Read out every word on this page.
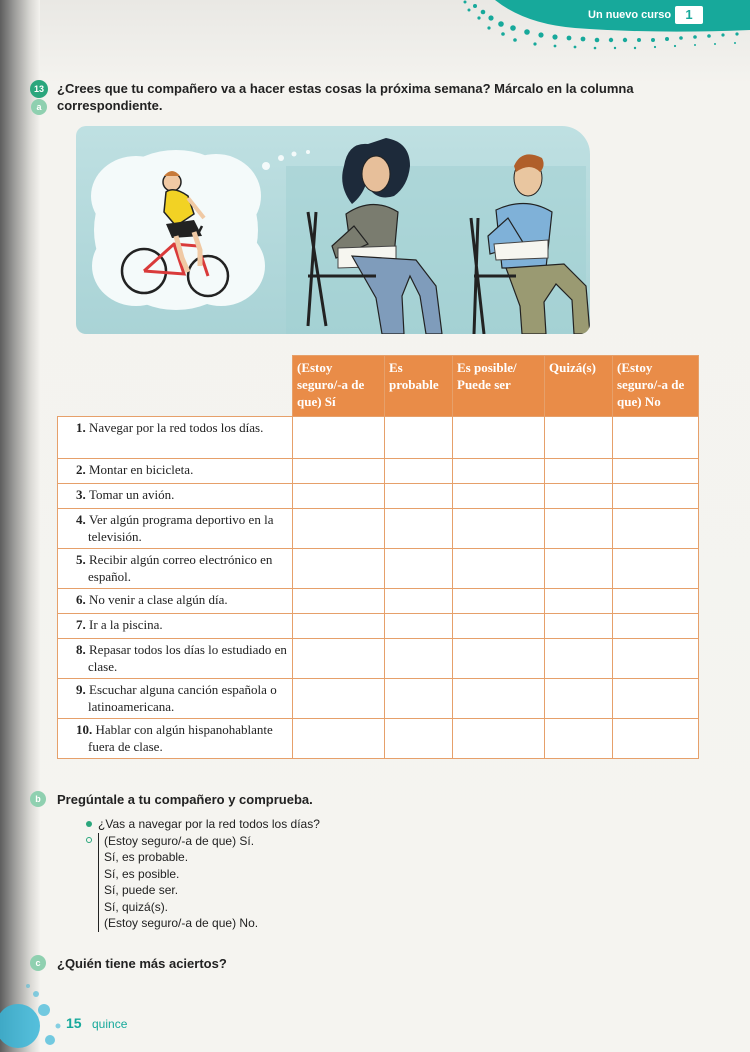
Un nuevo curso	1
13
a
¿Crees que tu compañero va a hacer estas cosas la próxima semana? Márcalo en la columna correspondiente.
	(Estoy seguro/-a de que) Sí	Es probable	Es posible/ Puede ser	Quizá(s)	(Estoy seguro/-a de que) No
1. Navegar por la red todos los días.					
2. Montar en bicicleta.					
3. Tomar un avión.					
4. Ver algún programa deportivo en la televisión.					
5. Recibir algún correo electrónico en español.					
6. No venir a clase algún día.					
7. Ir a la piscina.					
8. Repasar todos los días lo estudiado en clase.					
9. Escuchar alguna canción española o latinoamericana.					
10. Hablar con algún hispanohablante fuera de clase.					
b	Pregúntale a tu compañero y comprueba.
¿Vas a navegar por la red todos los días?
(Estoy seguro/-a de que) Sí.
Sí, es probable.
Sí, es posible.
Sí, puede ser.
Sí, quizá(s).
(Estoy seguro/-a de que) No.
c	¿Quién tiene más aciertos?
15 quince
